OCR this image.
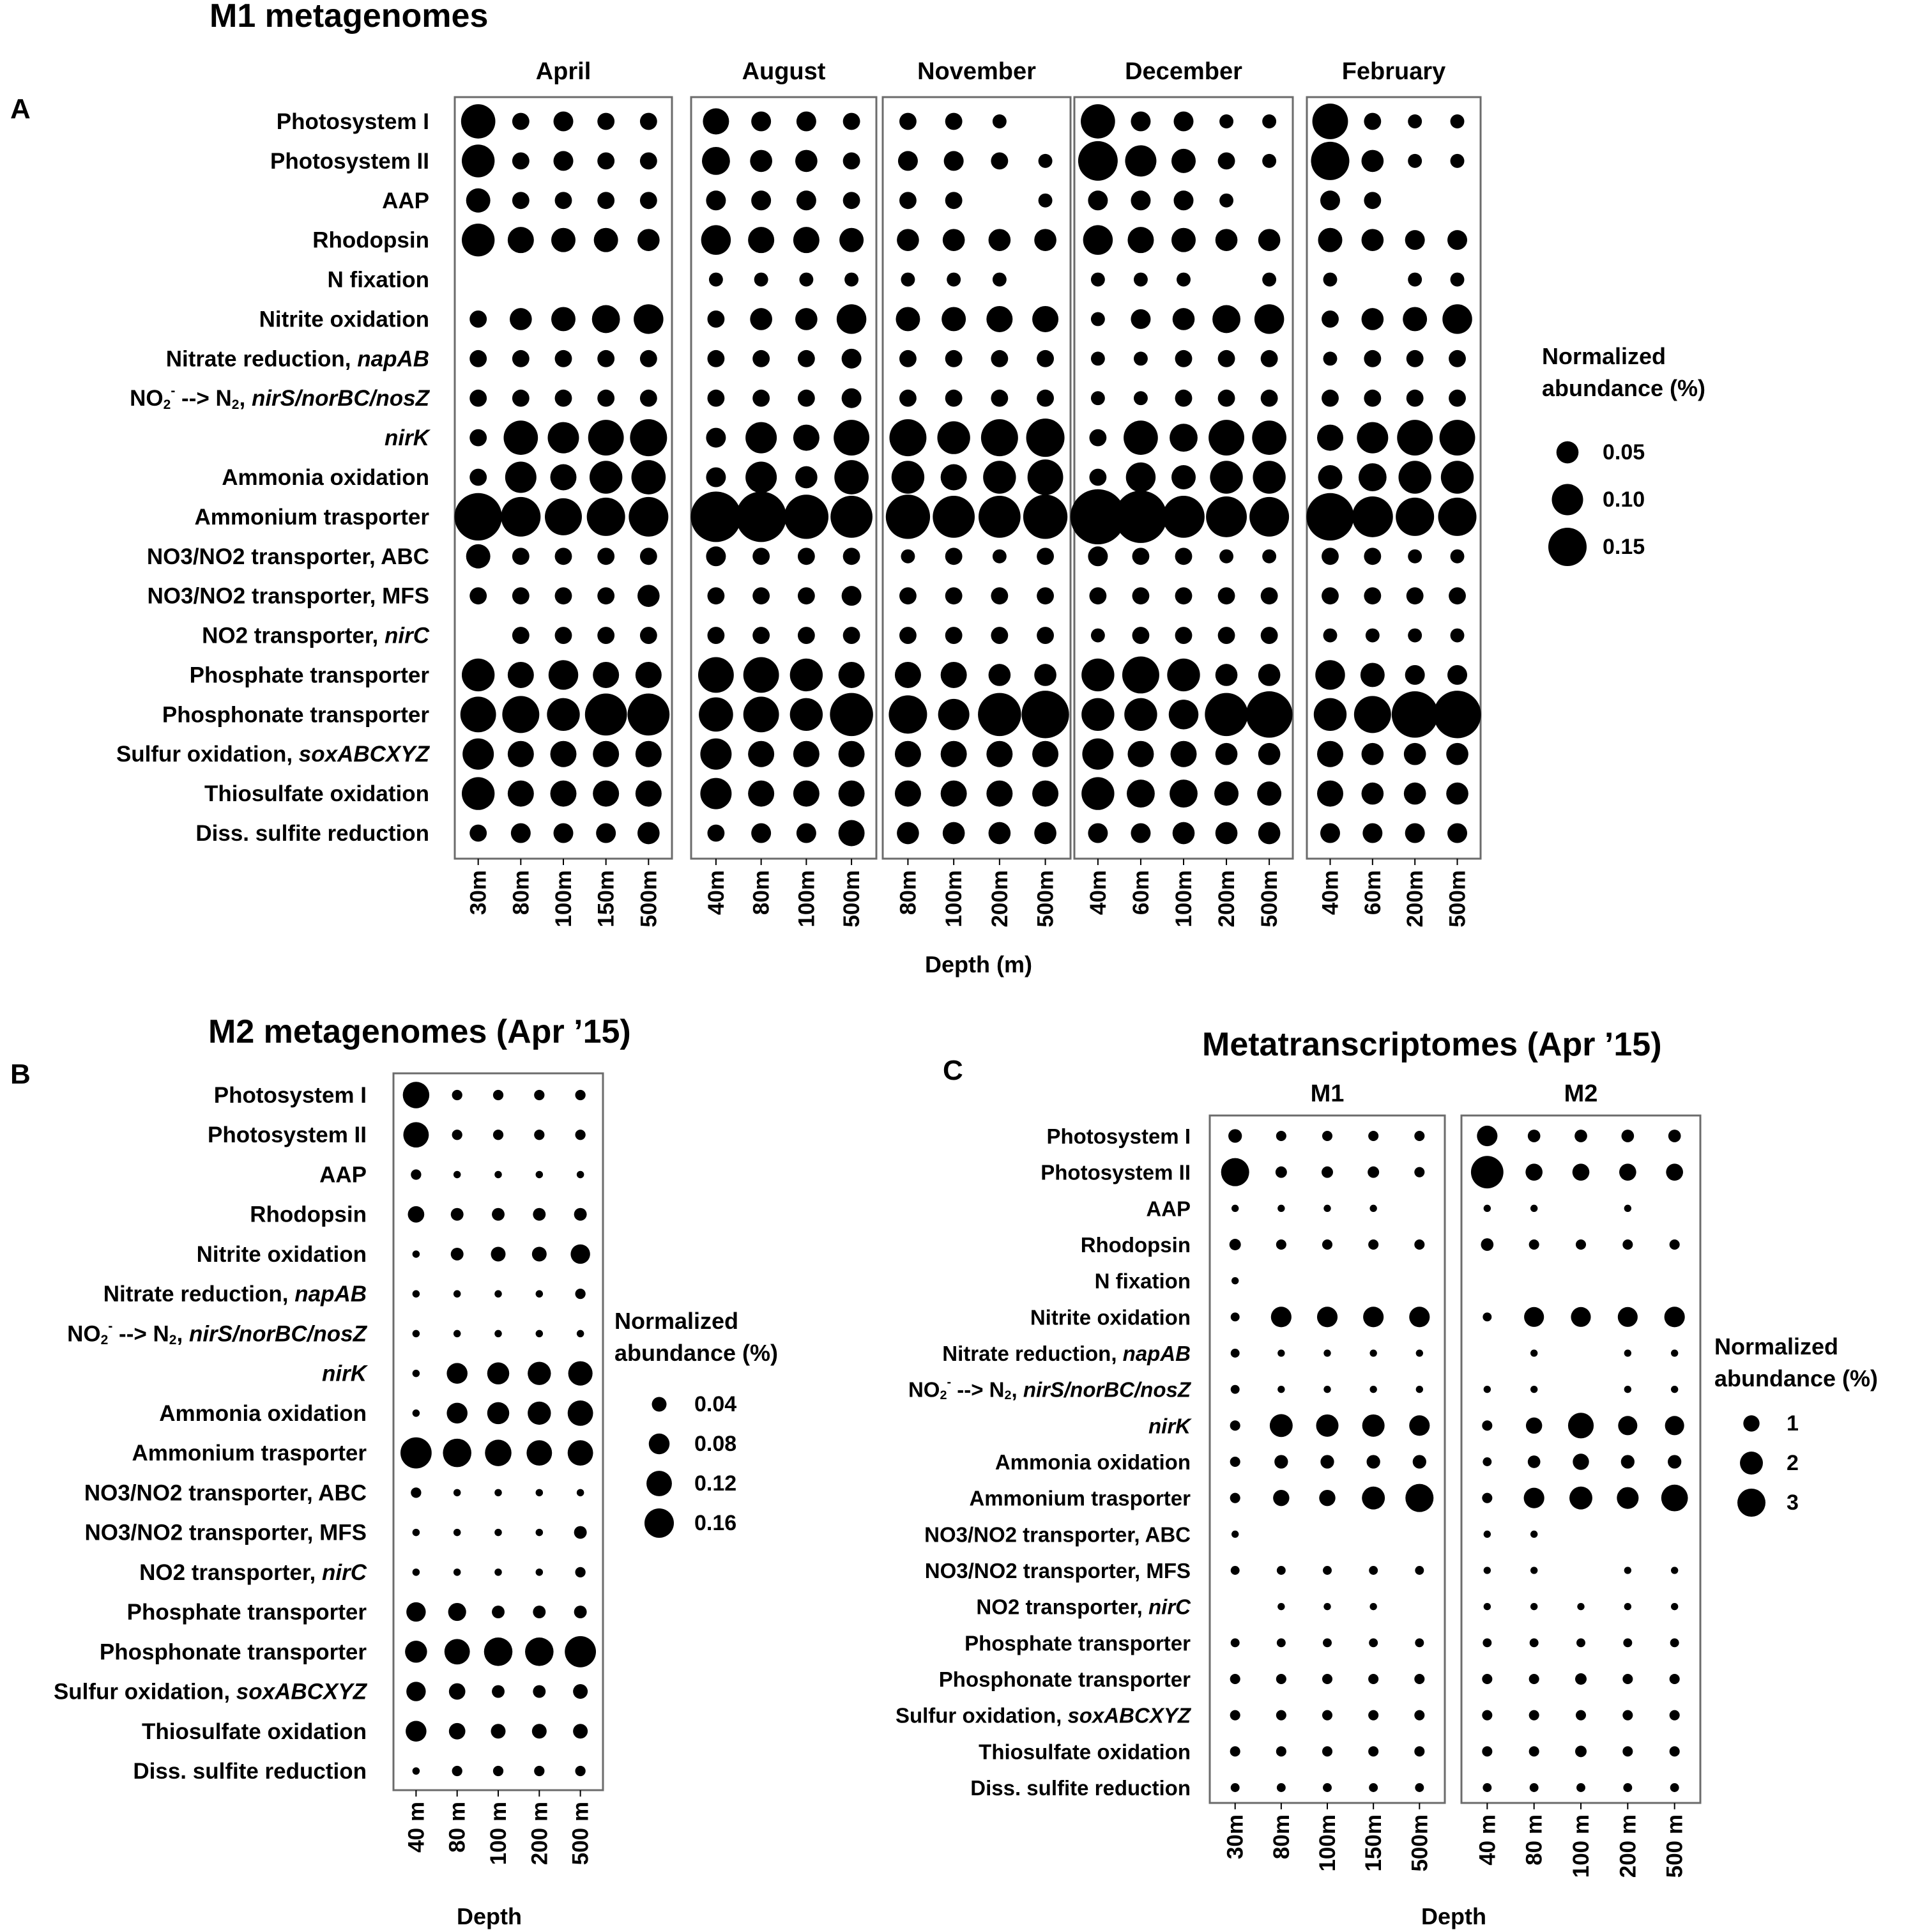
M1 metagenomes
A	Photosystem I
Photosystem II
AAP
Rhodopsin
N fixation
Nitrite oxidation
Nitrate reduction, napAB
$NO_2^-$ --> $N_2$, nirS/norBC/nosZ
nirK
Ammonia oxidation
Ammonium trasporter
NO3/NO2 transporter, ABC
NO3/NO2 transporter, MFS
NO2 transporter, nirC
Phosphate transporter
Phosphonate transporter
Sulfur oxidation, soxABCXYZ
Thiosulfate oxidation
Diss. sulfite reduction
April
30m 80m 100m 150m 500m
August
40m 80m 100m 500m
November
80m 100m 200m 500m
December
40m 60m 100m 200m 500m
February
40m 60m 200m 500m
Depth (m)
Normalized
abundance (%)
0.05
0.10
0.15
M2 metagenomes (Apr ’15)
B
Photosystem I
Photosystem II
AAP
Rhodopsin
Nitrite oxidation
Nitrate reduction, napAB
$NO_2^-$ --> $N_2$, nirS/norBC/nosZ
nirK
Ammonia oxidation
Ammonium trasporter
NO3/NO2 transporter, ABC
NO3/NO2 transporter, MFS
NO2 transporter, nirC
Phosphate transporter
Phosphonate transporter
Sulfur oxidation, soxABCXYZ
Thiosulfate oxidation
Diss. sulfite reduction
40 m 80 m 100 m 200 m 500 m
Depth
Normalized
abundance (%)
0.04
0.08
0.12
0.16
Metatranscriptomes (Apr ’15)
C
Photosystem I
Photosystem II
AAP
Rhodopsin
N fixation
Nitrite oxidation
Nitrate reduction, napAB
$NO_2^-$ --> $N_2$, nirS/norBC/nosZ
nirK
Ammonia oxidation
Ammonium trasporter
NO3/NO2 transporter, ABC
NO3/NO2 transporter, MFS
NO2 transporter, nirC
Phosphate transporter
Phosphonate transporter
Sulfur oxidation, soxABCXYZ
Thiosulfate oxidation
Diss. sulfite reduction
M1
30m 80m 100m 150m 500m
M2
40 m 80 m 100 m 200 m 500 m
Depth
Normalized
abundance (%)
1
2
3
